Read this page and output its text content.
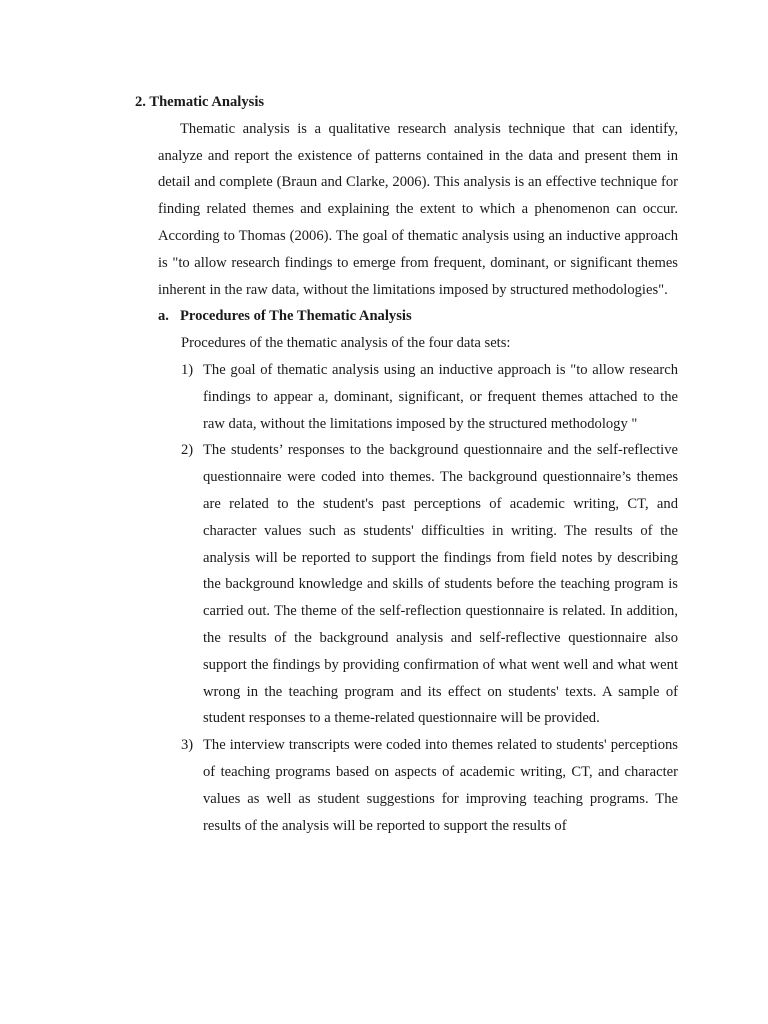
2. Thematic Analysis

Thematic analysis is a qualitative research analysis technique that can identify, analyze and report the existence of patterns contained in the data and present them in detail and complete (Braun and Clarke, 2006). This analysis is an effective technique for finding related themes and explaining the extent to which a phenomenon can occur. According to Thomas (2006). The goal of thematic analysis using an inductive approach is "to allow research findings to emerge from frequent, dominant, or significant themes inherent in the raw data, without the limitations imposed by structured methodologies".

a. Procedures of The Thematic Analysis

Procedures of the thematic analysis of the four data sets:

1) The goal of thematic analysis using an inductive approach is "to allow research findings to appear a, dominant, significant, or frequent themes attached to the raw data, without the limitations imposed by the structured methodology "
2) The students’ responses to the background questionnaire and the self-reflective questionnaire were coded into themes. The background questionnaire’s themes are related to the student's past perceptions of academic writing, CT, and character values such as students' difficulties in writing. The results of the analysis will be reported to support the findings from field notes by describing the background knowledge and skills of students before the teaching program is carried out. The theme of the self-reflection questionnaire is related. In addition, the results of the background analysis and self-reflective questionnaire also support the findings by providing confirmation of what went well and what went wrong in the teaching program and its effect on students' texts. A sample of student responses to a theme-related questionnaire will be provided.
3) The interview transcripts were coded into themes related to students' perceptions of teaching programs based on aspects of academic writing, CT, and character values as well as student suggestions for improving teaching programs. The results of the analysis will be reported to support the results of
